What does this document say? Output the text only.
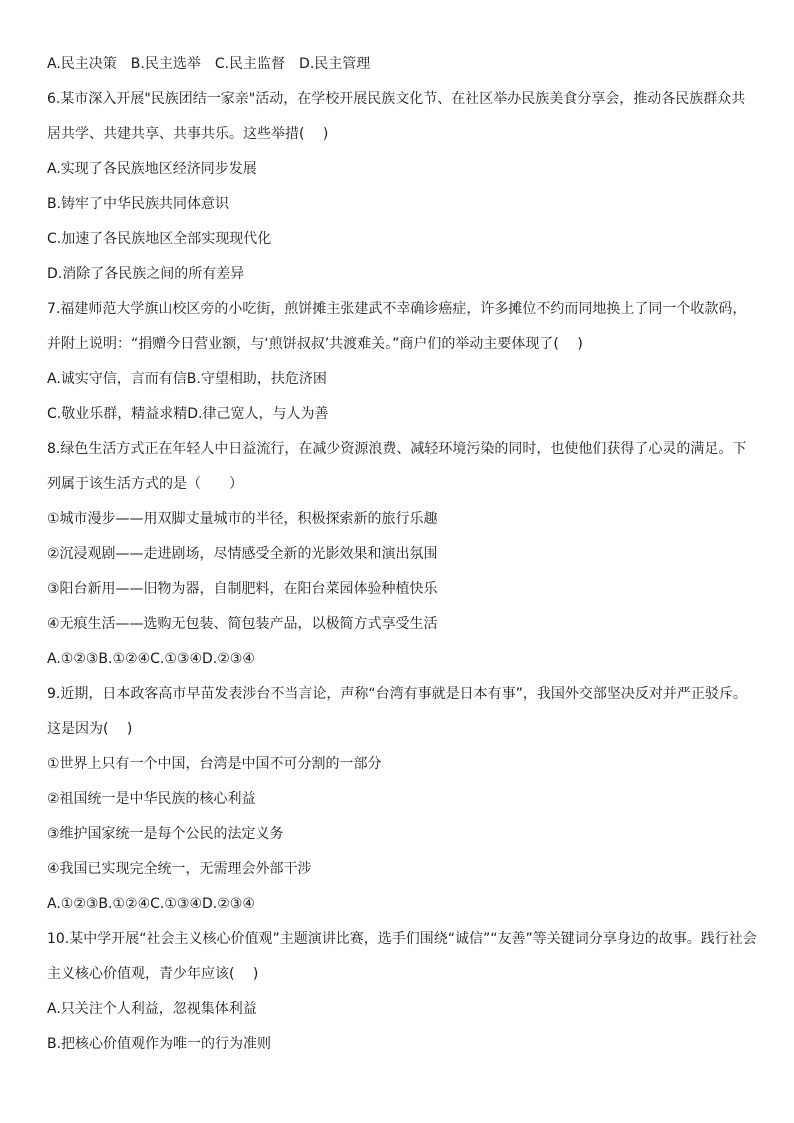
A.民主决策　B.民主选举　C.民主监督　D.民主管理
6.某市深入开展"民族团结一家亲"活动，在学校开展民族文化节、在社区举办民族美食分享会，推动各民族群众共
居共学、共建共享、共事共乐。这些举措(　 )
A.实现了各民族地区经济同步发展
B.铸牢了中华民族共同体意识
C.加速了各民族地区全部实现现代化
D.消除了各民族之间的所有差异
7.福建师范大学旗山校区旁的小吃街，煎饼摊主张建武不幸确诊癌症，许多摊位不约而同地换上了同一个收款码，
并附上说明：“捐赠今日营业额，与‘煎饼叔叔’共渡难关。”商户们的举动主要体现了(　 )
A.诚实守信，言而有信B.守望相助，扶危济困
C.敬业乐群，精益求精D.律己宽人，与人为善
8.绿色生活方式正在年轻人中日益流行，在减少资源浪费、减轻环境污染的同时，也使他们获得了心灵的满足。下
列属于该生活方式的是（　　）
①城市漫步——用双脚丈量城市的半径，积极探索新的旅行乐趣
②沉浸观剧——走进剧场，尽情感受全新的光影效果和演出氛围
③阳台新用——旧物为器，自制肥料，在阳台菜园体验种植快乐
④无痕生活——选购无包装、简包装产品，以极简方式享受生活
A.①②③B.①②④C.①③④D.②③④
9.近期，日本政客高市早苗发表涉台不当言论，声称“台湾有事就是日本有事”，我国外交部坚决反对并严正驳斥。
这是因为(　 )
①世界上只有一个中国，台湾是中国不可分割的一部分
②祖国统一是中华民族的核心利益
③维护国家统一是每个公民的法定义务
④我国已实现完全统一，无需理会外部干涉
A.①②③B.①②④C.①③④D.②③④
10.某中学开展“社会主义核心价值观”主题演讲比赛，选手们围绕“诚信”“友善”等关键词分享身边的故事。践行社会
主义核心价值观，青少年应该(　 )
A.只关注个人利益，忽视集体利益
B.把核心价值观作为唯一的行为准则
